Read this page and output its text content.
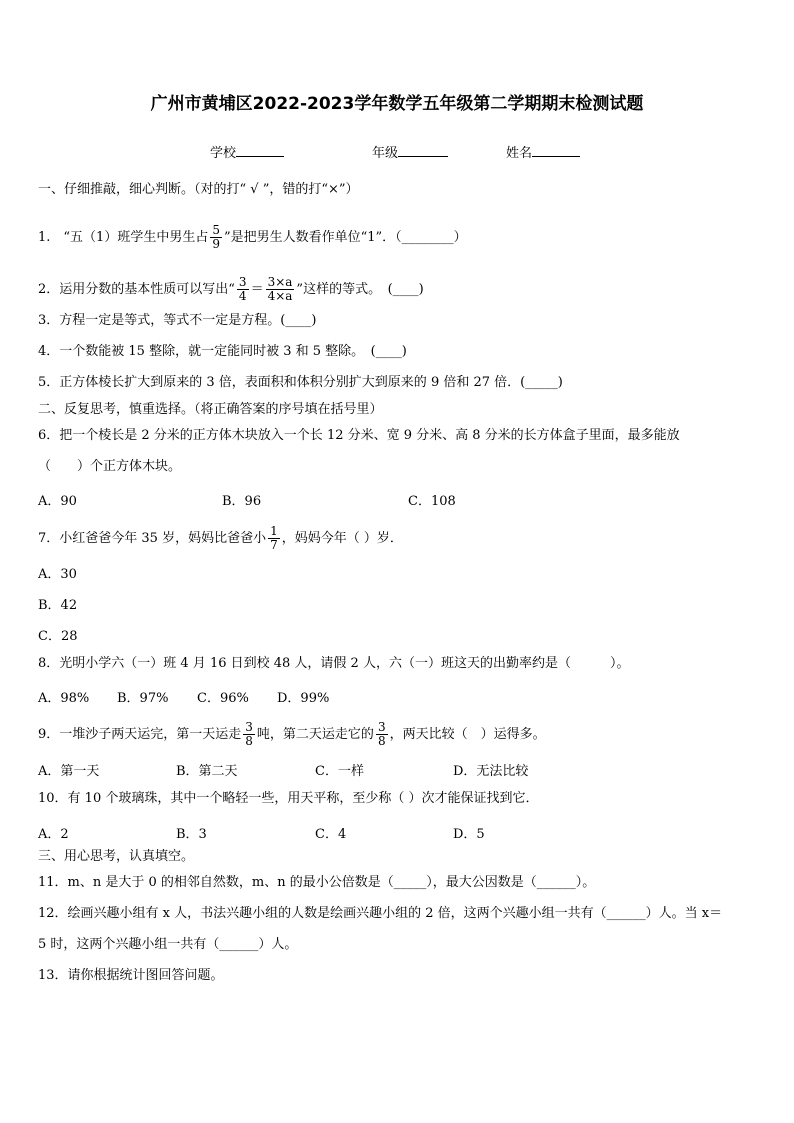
广州市黄埔区2022-2023学年数学五年级第二学期期末检测试题
学校	年级	姓名
一、仔细推敲，细心判断。（对的打“ √ ”，错的打“×”）
1.　“五（1）班学生中男生占 $\frac{5}{9}$ ”是把男生人数看作单位“1”．（________）
2．运用分数的基本性质可以写出“ $\frac{3}{4} = \frac{3\times a}{4\times a}$ ”这样的等式。　(____)
3．方程一定是等式，等式不一定是方程。(____)
4．一个数能被 15 整除，就一定能同时被 3 和 5 整除。　(____)
5．正方体棱长扩大到原来的 3 倍，表面积和体积分别扩大到原来的 9 倍和 27 倍．(_____)
二、反复思考，慎重选择。（将正确答案的序号填在括号里）
6．把一个棱长是 2 分米的正方体木块放入一个长 12 分米、宽 9 分米、高 8 分米的长方体盒子里面，最多能放
（　　）个正方体木块。
A．90	B．96	C．108
7．小红爸爸今年 35 岁，妈妈比爸爸小 $\frac{1}{7}$ ，妈妈今年（ ）岁．
A．30
B．42
C．28
8．光明小学六（一）班 4 月 16 日到校 48 人，请假 2 人，六（一）班这天的出勤率约是（　　　）。
A．98% B．97% C．96% D．99%
9．一堆沙子两天运完，第一天运走 $\frac{3}{8}$ 吨，第二天运走它的 $\frac{3}{8}$ ，两天比较（　）运得多。
A．第一天	B．第二天	C．一样	D．无法比较
10．有 10 个玻璃珠，其中一个略轻一些，用天平称，至少称（ ）次才能保证找到它．
A．2	B．3	C．4	D．5
三、用心思考，认真填空。
11．m、n 是大于 0 的相邻自然数，m、n 的最小公倍数是（_____），最大公因数是（______）。
12．绘画兴趣小组有 x 人，书法兴趣小组的人数是绘画兴趣小组的 2 倍，这两个兴趣小组一共有（______）人。当 x＝
5 时，这两个兴趣小组一共有（______）人。
13．请你根据统计图回答问题。
